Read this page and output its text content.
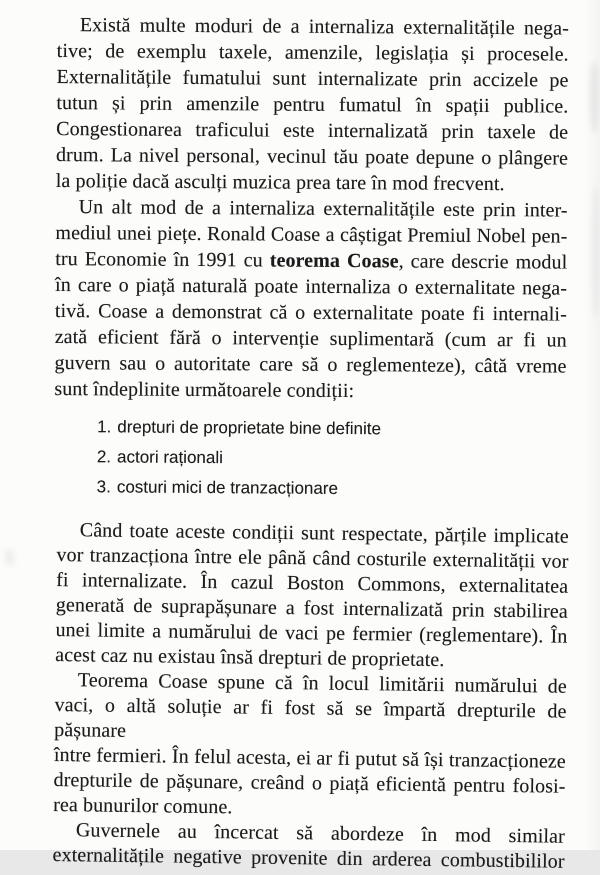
Există multe moduri de a internaliza externalitățile nega-
tive; de exemplu taxele, amenzile, legislația și procesele.
Externalitățile fumatului sunt internalizate prin accizele pe
tutun și prin amenzile pentru fumatul în spații publice.
Congestionarea traficului este internalizată prin taxele de
drum. La nivel personal, vecinul tău poate depune o plângere
la poliție dacă asculți muzica prea tare în mod frecvent.
Un alt mod de a internaliza externalitățile este prin inter-
mediul unei piețe. Ronald Coase a câștigat Premiul Nobel pen-
tru Economie în 1991 cu teorema Coase, care descrie modul
în care o piață naturală poate internaliza o externalitate nega-
tivă. Coase a demonstrat că o externalitate poate fi internali-
zată eficient fără o intervenție suplimentară (cum ar fi un
guvern sau o autoritate care să o reglementeze), câtă vreme
sunt îndeplinite următoarele condiții:
1. drepturi de proprietate bine definite
2. actori raționali
3. costuri mici de tranzacționare
Când toate aceste condiții sunt respectate, părțile implicate
vor tranzacționa între ele până când costurile externalității vor
fi internalizate. În cazul Boston Commons, externalitatea
generată de suprapășunare a fost internalizată prin stabilirea
unei limite a numărului de vaci pe fermier (reglementare). În
acest caz nu existau însă drepturi de proprietate.
Teorema Coase spune că în locul limitării numărului de
vaci, o altă soluție ar fi fost să se împartă drepturile de pășunare
între fermieri. În felul acesta, ei ar fi putut să își tranzacționeze
drepturile de pășunare, creând o piață eficientă pentru folosi-
rea bunurilor comune.
Guvernele au încercat să abordeze în mod similar
externalitățile negative provenite din arderea combustibililor
